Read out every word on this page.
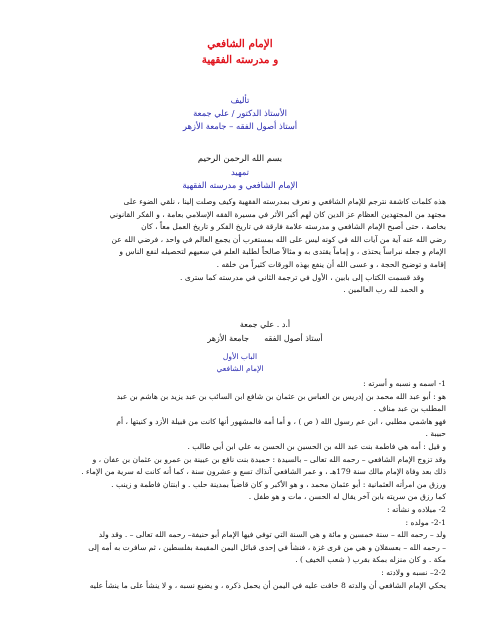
الإمام الشافعي
و مدرسته الفقهية
تأليف
الأستاذ الدكتور / علي جمعة
أستاذ أصول الفقه – جامعة الأزهر
بسم الله الرحمن الرحيم
تمهيد
الإمام الشافعي و مدرسته الفقهية

هذه كلمات كاشفة نترجم للإمام الشافعي و نعرف بمدرسته الفقهية وكيف وصلت إلينا ، نلقي الضوء على

مجتهد من المجتهدين العظام عز الدين كان لهم أكبر الأثر في مسيرة الفقه الإسلامي بعامة ، و الفكر القانوني

بخاصة ، حتى أصبح الإمام الشافعي و مدرسته علامة فارقة في تاريخ الفكر و تاريخ العمل معاً ، كان

رضي الله عنه آية من آيات الله في كونه ليس على الله بمستغرب أن يجمع العالم في واحد ، فرضي الله عن

الإمام و جعله نبراساً يحتذى ، و إماماً يقتدى به و مثالاً صالحاً لطلبة العلم في سعيهم لتحصيله لنفع الناس و

إقامة و توضيح الحجة ، و عسى الله أن ينفع بهذه الورقات كثيراً من خلقه .

وقد قسمت الكتاب إلى بابين ، الأول في ترجمة الثاني في مدرسته كما سترى .

و الحمد لله رب العالمين .

أ.د . علي جمعة
أستاذ أصول الفقه      جامعة الأزهر
الباب الأول
الإمام الشافعي

1- اسمه و نسبه و أسرته :

هو : أبو عبد الله محمد بن إدريس بن العباس بن عثمان بن شافع ابن السائب بن عبد يزيد بن هاشم بن عبد

المطلب بن عبد مناف .

فهو هاشمي مطلبي ، ابن عم رسول الله ( ص ) ، و أما أمه فالمشهور أنها كانت من قبيلة الأزد و كنيتها ، أم

حبيبة .

و قيل : أمه هي فاطمة بنت عبد الله بن الحسين بن الحسن به علي ابن أبي طالب .

وقد تزوج الإمام الشافعي – رحمه الله تعالى – بالسيدة : حميدة بنت نافع بن عيينة بن عمرو بن عثمان بن عفان ، و

ذلك بعد وفاة الإمام مالك سنة 179هـ ، و عمر الشافعي آنذاك تسع و عشرون سنة ، كما أنه كانت له سرية من الإماء .

ورزق من امرأته العثمانية : أبو عثمان محمد ، و هو الأكبر و كان قاضياً بمدينة حلب . و ابنتان فاطمة و زينب .

كما رزق من سريته بابن آخر يقال له الحسن ، مات و هو طفل .

2- ميلاده و نشأته :

2-1- مولده :

ولد – رحمه الله – سنة خمسين و مائة و هي السنة التي توفي فيها الإمام أبو حنيفة– رحمه الله تعالى – . وقد ولد

– رحمه الله – بعسقلان و هي من قرى غزة ، فنشأ في إحدى قبائل اليمن المقيمة بفلسطين ، ثم سافرت به أمه إلى

مكة . و كان منزله بمكة بقرب ( شعب الخيف ) .

2-2– نسبه و ولادته :

يحكي الإمام الشافعي أن والدته 8 خافت عليه في اليمن أن يحمل ذكره ، و يضيع نسبه ، و لا ينشأ على ما ينشأ عليه
